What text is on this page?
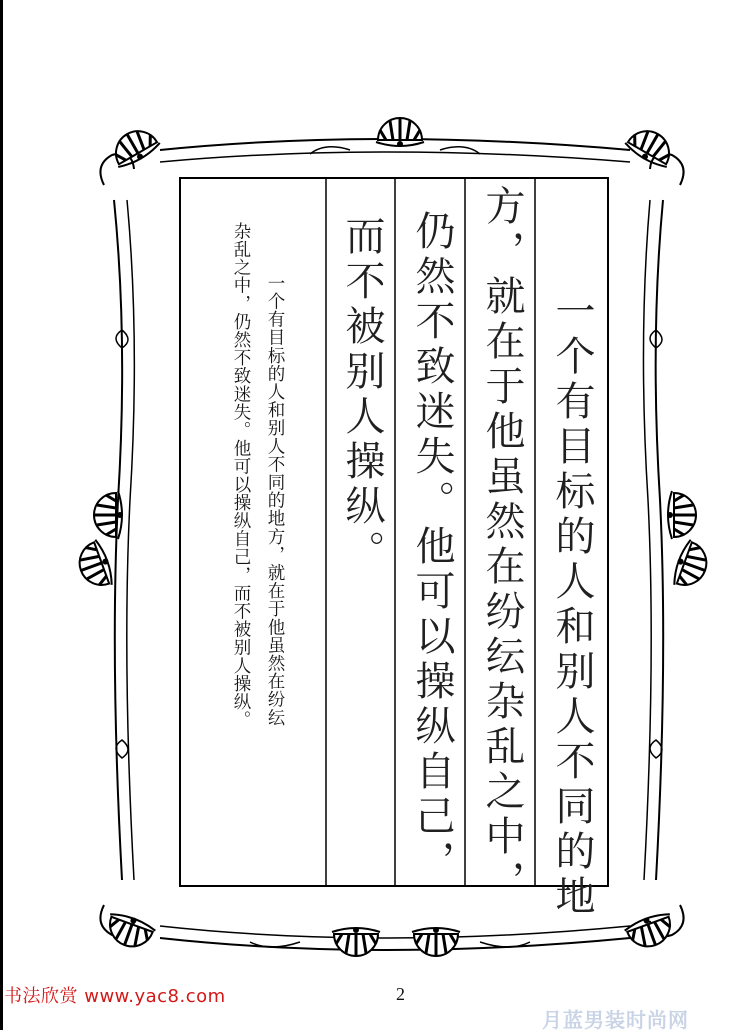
一个有目标的人和别人不同的地
方，就在于他虽然在纷纭杂乱之中，
仍然不致迷失。他可以操纵自己，
而不被别人操纵。
一个有目标的人和别人不同的地方，就在于他虽然在纷纭
杂乱之中，仍然不致迷失。他可以操纵自己，而不被别人操纵。
2
书法欣赏 www.yac8.com
月蓝男装时尚网
